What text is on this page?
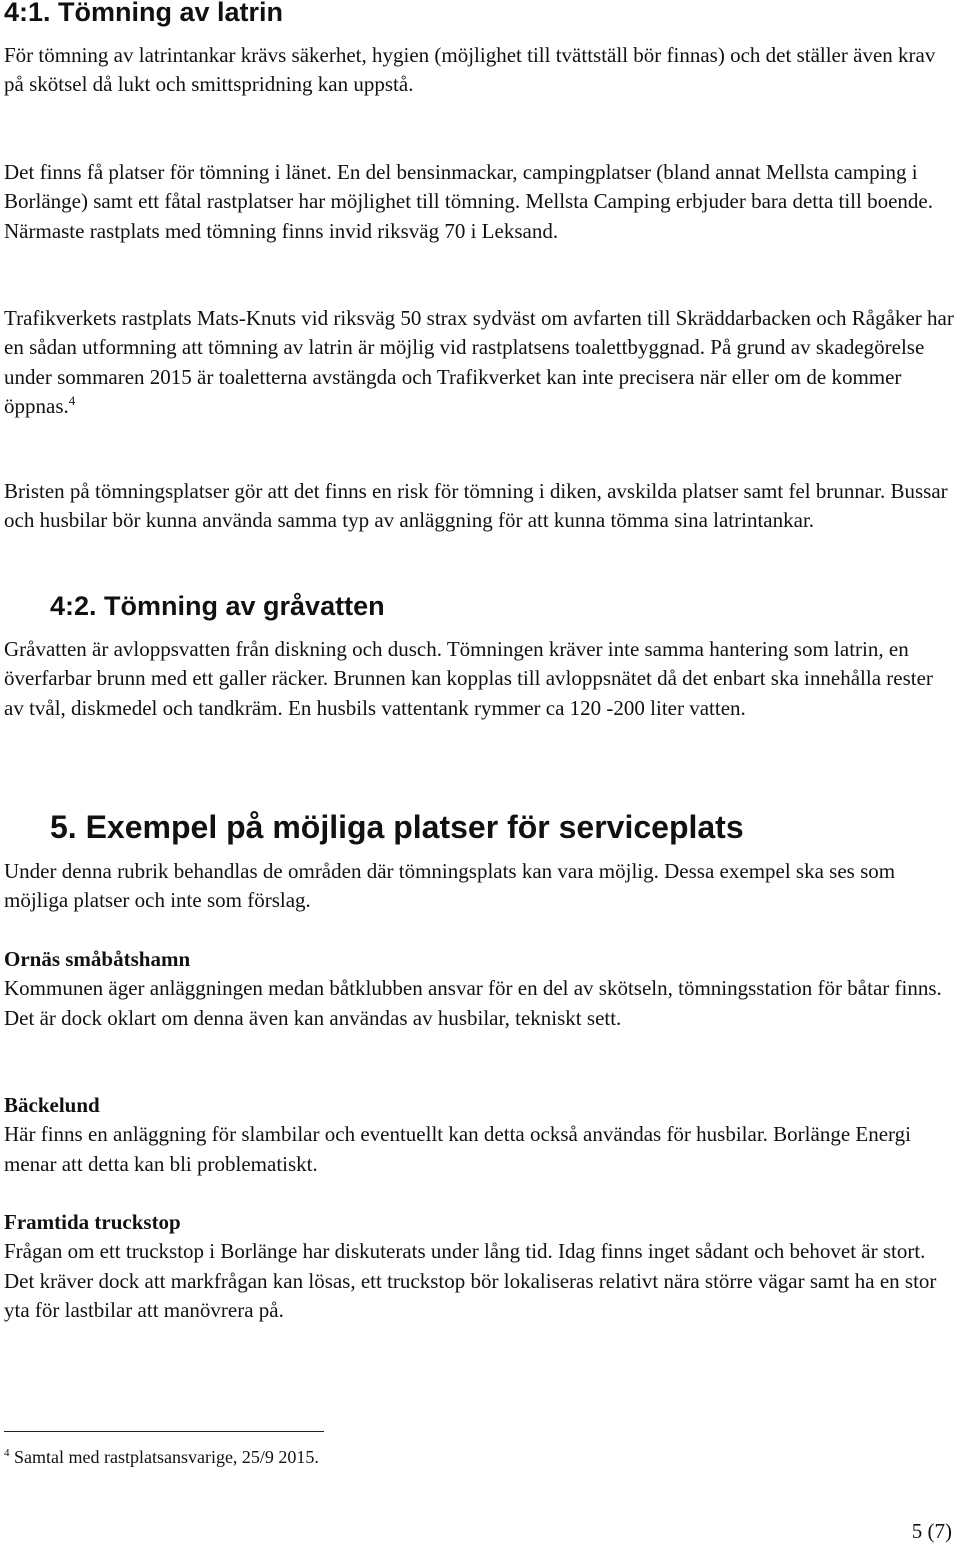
4:1. Tömning av latrin

För tömning av latrintankar krävs säkerhet, hygien (möjlighet till tvättställ bör finnas) och det ställer även krav på skötsel då lukt och smittspridning kan uppstå.

Det finns få platser för tömning i länet. En del bensinmackar, campingplatser (bland annat Mellsta camping i Borlänge) samt ett fåtal rastplatser har möjlighet till tömning. Mellsta Camping erbjuder bara detta till boende. Närmaste rastplats med tömning finns invid riksväg 70 i Leksand.

Trafikverkets rastplats Mats-Knuts vid riksväg 50 strax sydväst om avfarten till Skräddarbacken och Rågåker har en sådan utformning att tömning av latrin är möjlig vid rastplatsens toalettbyggnad. På grund av skadegörelse under sommaren 2015 är toaletterna avstängda och Trafikverket kan inte precisera när eller om de kommer öppnas.$^4$

Bristen på tömningsplatser gör att det finns en risk för tömning i diken, avskilda platser samt fel brunnar. Bussar och husbilar bör kunna använda samma typ av anläggning för att kunna tömma sina latrintankar.

4:2. Tömning av gråvatten

Gråvatten är avloppsvatten från diskning och dusch. Tömningen kräver inte samma hantering som latrin, en överfarbar brunn med ett galler räcker. Brunnen kan kopplas till avloppsnätet då det enbart ska innehålla rester av tvål, diskmedel och tandkräm. En husbils vattentank rymmer ca 120 -200 liter vatten.

5. Exempel på möjliga platser för serviceplats

Under denna rubrik behandlas de områden där tömningsplats kan vara möjlig. Dessa exempel ska ses som möjliga platser och inte som förslag.

Ornäs småbåtshamn

Kommunen äger anläggningen medan båtklubben ansvar för en del av skötseln, tömningsstation för båtar finns. Det är dock oklart om denna även kan användas av husbilar, tekniskt sett.

Bäckelund

Här finns en anläggning för slambilar och eventuellt kan detta också användas för husbilar. Borlänge Energi menar att detta kan bli problematiskt.

Framtida truckstop

Frågan om ett truckstop i Borlänge har diskuterats under lång tid. Idag finns inget sådant och behovet är stort. Det kräver dock att markfrågan kan lösas, ett truckstop bör lokaliseras relativt nära större vägar samt ha en stor yta för lastbilar att manövrera på.

$^4$ Samtal med rastplatsansvarige, 25/9 2015.
5 (7)
